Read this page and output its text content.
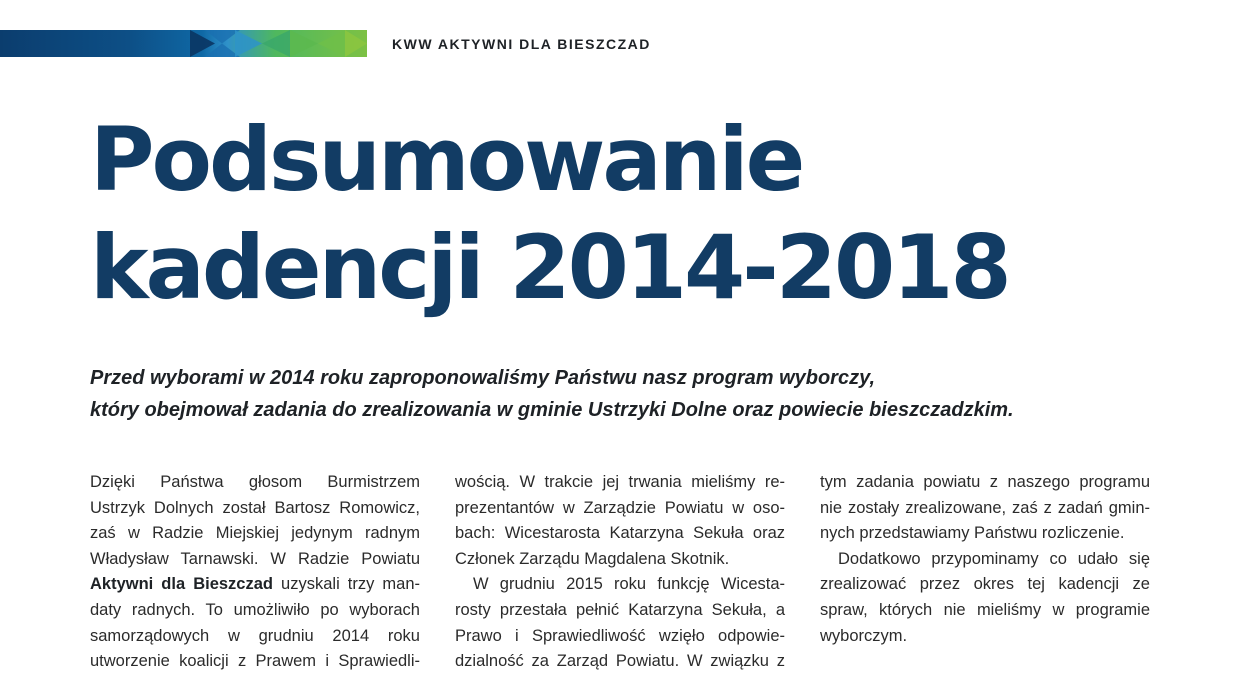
KWW AKTYWNI DLA BIESZCZAD
Podsumowanie
kadencji 2014-2018

Przed wyborami w 2014 roku zaproponowaliśmy Państwu nasz program wyborczy,
który obejmował zadania do zrealizowania w gminie Ustrzyki Dolne oraz powiecie bieszczadzkim.

Dzięki Państwa głosom Burmistrzem
Ustrzyk Dolnych został Bartosz Romowicz,
zaś w Radzie Miejskiej jedynym radnym
Władysław Tarnawski. W Radzie Powiatu
Aktywni dla Bieszczad uzyskali trzy man-
daty radnych. To umożliwiło po wyborach
samorządowych w grudniu 2014 roku
utworzenie koalicji z Prawem i Sprawiedli-
wością. W trakcie jej trwania mieliśmy re-
prezentantów w Zarządzie Powiatu w oso-
bach: Wicestarosta Katarzyna Sekuła oraz
Członek Zarządu Magdalena Skotnik.
W grudniu 2015 roku funkcję Wicesta-
rosty przestała pełnić Katarzyna Sekuła, a
Prawo i Sprawiedliwość wzięło odpowie-
dzialność za Zarząd Powiatu. W związku z
tym zadania powiatu z naszego programu
nie zostały zrealizowane, zaś z zadań gmin-
nych przedstawiamy Państwu rozliczenie.
Dodatkowo przypominamy co udało się
zrealizować przez okres tej kadencji ze
spraw, których nie mieliśmy w programie
wyborczym.
